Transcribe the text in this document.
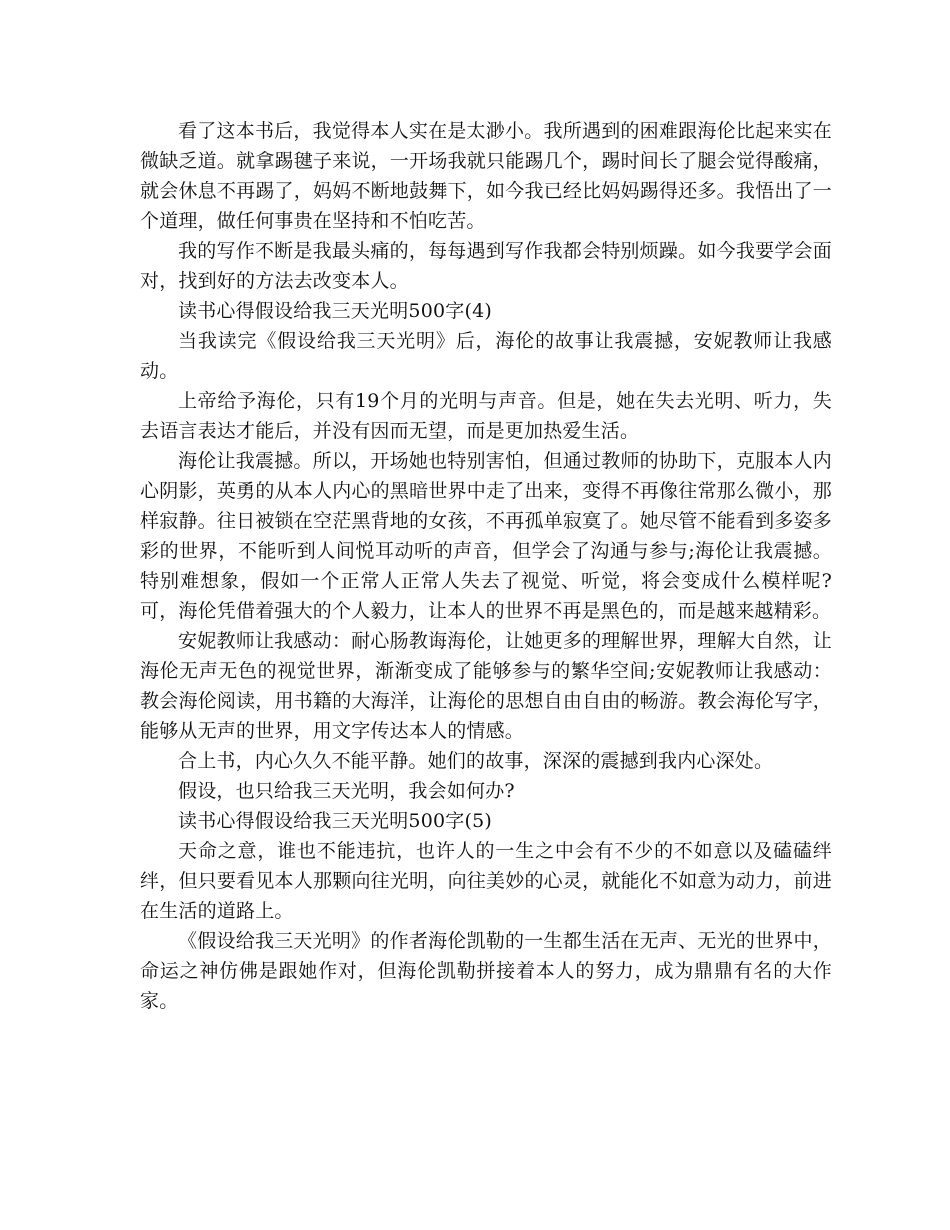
看了这本书后，我觉得本人实在是太渺小。我所遇到的困难跟海伦比起来实在微缺乏道。就拿踢毽子来说，一开场我就只能踢几个，踢时间长了腿会觉得酸痛，就会休息不再踢了，妈妈不断地鼓舞下，如今我已经比妈妈踢得还多。我悟出了一个道理，做任何事贵在坚持和不怕吃苦。

我的写作不断是我最头痛的，每每遇到写作我都会特别烦躁。如今我要学会面对，找到好的方法去改变本人。

读书心得假设给我三天光明500字(4)

当我读完《假设给我三天光明》后，海伦的故事让我震撼，安妮教师让我感动。

上帝给予海伦，只有19个月的光明与声音。但是，她在失去光明、听力，失去语言表达才能后，并没有因而无望，而是更加热爱生活。

海伦让我震撼。所以，开场她也特别害怕，但通过教师的协助下，克服本人内心阴影，英勇的从本人内心的黑暗世界中走了出来，变得不再像往常那么微小，那样寂静。往日被锁在空茫黑背地的女孩，不再孤单寂寞了。她尽管不能看到多姿多彩的世界，不能听到人间悦耳动听的声音，但学会了沟通与参与;海伦让我震撼。特别难想象，假如一个正常人正常人失去了视觉、听觉，将会变成什么模样呢?可，海伦凭借着强大的个人毅力，让本人的世界不再是黑色的，而是越来越精彩。

安妮教师让我感动：耐心肠教诲海伦，让她更多的理解世界，理解大自然，让海伦无声无色的视觉世界，渐渐变成了能够参与的繁华空间;安妮教师让我感动：教会海伦阅读，用书籍的大海洋，让海伦的思想自由自由的畅游。教会海伦写字，能够从无声的世界，用文字传达本人的情感。

合上书，内心久久不能平静。她们的故事，深深的震撼到我内心深处。

假设，也只给我三天光明，我会如何办?

读书心得假设给我三天光明500字(5)

天命之意，谁也不能违抗，也许人的一生之中会有不少的不如意以及磕磕绊绊，但只要看见本人那颗向往光明，向往美妙的心灵，就能化不如意为动力，前进在生活的道路上。

《假设给我三天光明》的作者海伦凯勒的一生都生活在无声、无光的世界中，命运之神仿佛是跟她作对，但海伦凯勒拼接着本人的努力，成为鼎鼎有名的大作家。
